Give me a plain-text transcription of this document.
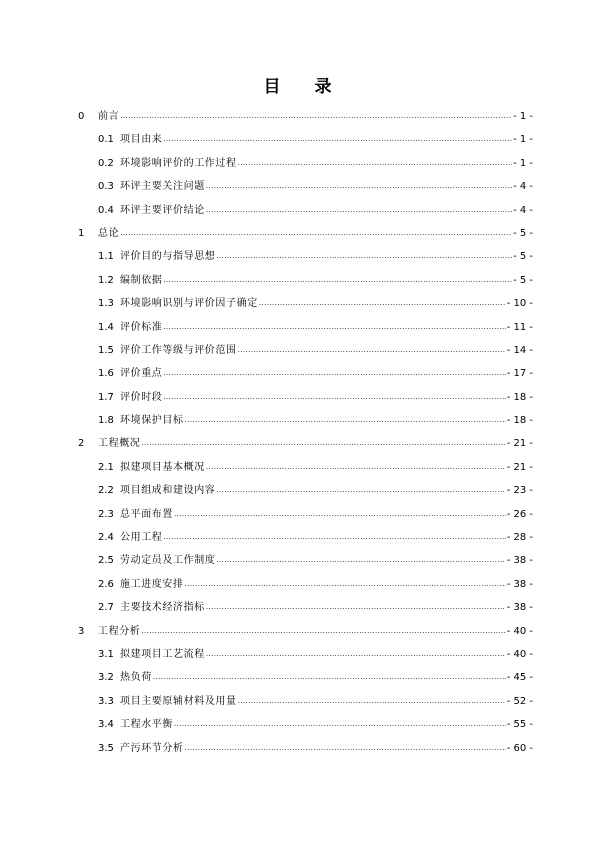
目 录
0	前言 .....	- 1 -
0.1 项目由来 .....	- 1 -
0.2 环境影响评价的工作过程 .....	- 1 -
0.3 环评主要关注问题 .....	- 4 -
0.4 环评主要评价结论 .....	- 4 -
1	总论 .....	- 5 -
1.1 评价目的与指导思想 .....	- 5 -
1.2 编制依据 .....	- 5 -
1.3 环境影响识别与评价因子确定 .....	- 10 -
1.4 评价标准 .....	- 11 -
1.5 评价工作等级与评价范围 .....	- 14 -
1.6 评价重点 .....	- 17 -
1.7 评价时段 .....	- 18 -
1.8 环境保护目标 .....	- 18 -
2	工程概况 .....	- 21 -
2.1 拟建项目基本概况 .....	- 21 -
2.2 项目组成和建设内容 .....	- 23 -
2.3 总平面布置 .....	- 26 -
2.4 公用工程 .....	- 28 -
2.5 劳动定员及工作制度 .....	- 38 -
2.6 施工进度安排 .....	- 38 -
2.7 主要技术经济指标 .....	- 38 -
3	工程分析 .....	- 40 -
3.1 拟建项目工艺流程 .....	- 40 -
3.2 热负荷 .....	- 45 -
3.3 项目主要原辅材料及用量 .....	- 52 -
3.4 工程水平衡 .....	- 55 -
3.5 产污环节分析 .....	- 60 -
